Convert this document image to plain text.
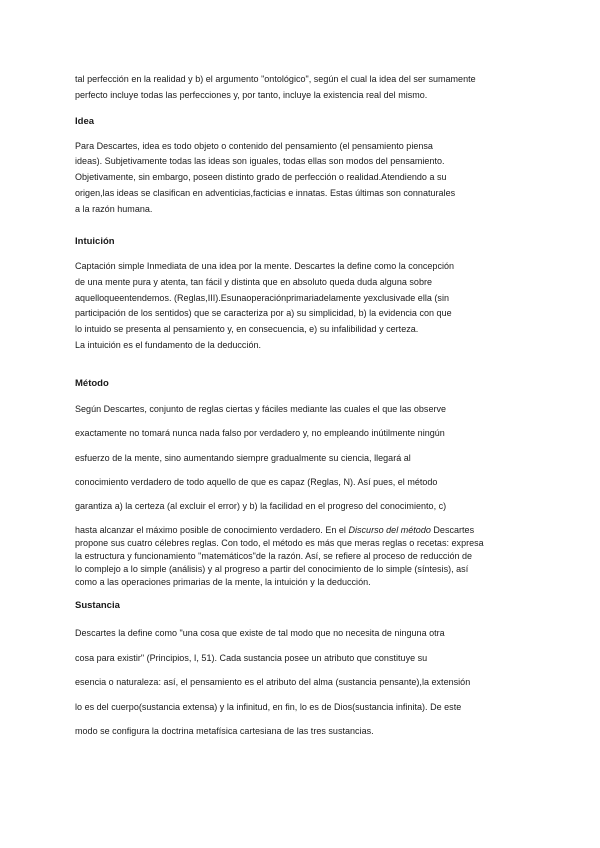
tal perfección en la realidad y b) el argumento "ontológico", según el cual la idea del ser sumamente
perfecto incluye todas las perfecciones y, por tanto, incluye la existencia real del mismo.
Idea
Para Descartes, idea es todo objeto o contenido del pensamiento (el pensamiento piensa
ideas). Subjetivamente todas las ideas son iguales, todas ellas son modos del pensamiento.
Objetivamente, sin embargo, poseen distinto grado de perfección o realidad.Atendiendo a su
origen,las ideas se clasifican en adventicias,facticias e innatas. Estas últimas son connaturales
a la razón humana.
Intuición
Captación simple Inmediata de una idea por la mente. Descartes la define como la concepción
de una mente pura y atenta, tan fácil y distinta que en absoluto queda duda alguna sobre
aquelloqueentendemos. (Reglas,III).Esunaoperaciónprimariadelamente yexclusivade ella (sin
participación de los sentidos) que se caracteriza por a) su simplicidad, b) la evidencia con que
lo intuido se presenta al pensamiento y, en consecuencia, e) su infalibilidad y certeza.
La intuición es el fundamento de la deducción.
Método
Según Descartes, conjunto de reglas ciertas y fáciles mediante las cuales el que las observe
exactamente no tomará nunca nada falso por verdadero y, no empleando inútilmente ningún
esfuerzo de la mente, sino aumentando siempre gradualmente su ciencia, llegará al
conocimiento verdadero de todo aquello de que es capaz (Reglas, N). Así pues, el método
garantiza a) la certeza (al excluir el error) y b) la facilidad en el progreso del conocimiento, c)
hasta alcanzar el máximo posible de conocimiento verdadero. En el Discurso del método Descartes
propone sus cuatro célebres reglas. Con todo, el método es más que meras reglas o recetas: expresa
la estructura y funcionamiento "matemáticos"de la razón. Así, se refiere al proceso de reducción de
lo complejo a lo simple (análisis) y al progreso a partir del conocimiento de lo simple (síntesis), así
como a las operaciones primarias de la mente, la intuición y la deducción.
Sustancia
Descartes la define como "una cosa que existe de tal modo que no necesita de ninguna otra
cosa para existir" (Principios, I, 51). Cada sustancia posee un atributo que constituye su
esencia o naturaleza: así, el pensamiento es el atributo del alma (sustancia pensante),la extensión
lo es del cuerpo(sustancia extensa) y la infinitud, en fin, lo es de Dios(sustancia infinita). De este
modo se configura la doctrina metafísica cartesiana de las tres sustancias.
